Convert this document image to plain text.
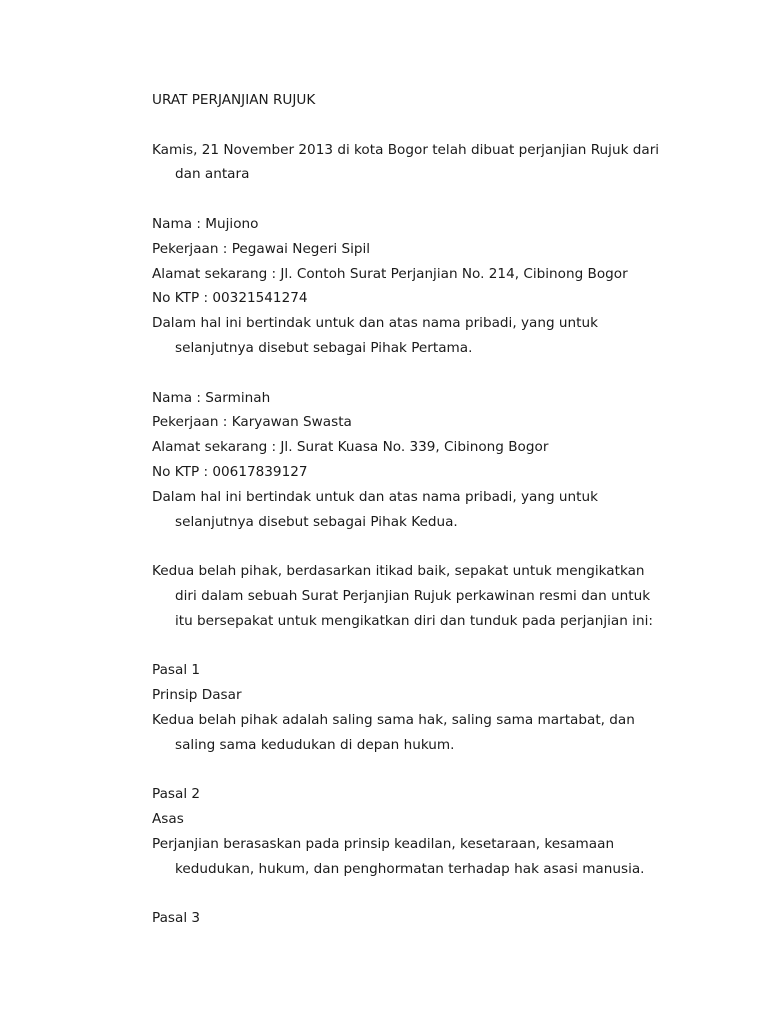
URAT PERJANJIAN RUJUK
Kamis, 21 November 2013 di kota Bogor telah dibuat perjanjian Rujuk dari
dan antara
Nama : Mujiono
Pekerjaan : Pegawai Negeri Sipil
Alamat sekarang : Jl. Contoh Surat Perjanjian No. 214, Cibinong Bogor
No KTP : 00321541274
Dalam hal ini bertindak untuk dan atas nama pribadi, yang untuk
selanjutnya disebut sebagai Pihak Pertama.
Nama : Sarminah
Pekerjaan : Karyawan Swasta
Alamat sekarang : Jl. Surat Kuasa No. 339, Cibinong Bogor
No KTP : 00617839127
Dalam hal ini bertindak untuk dan atas nama pribadi, yang untuk
selanjutnya disebut sebagai Pihak Kedua.
Kedua belah pihak, berdasarkan itikad baik, sepakat untuk mengikatkan
diri dalam sebuah Surat Perjanjian Rujuk perkawinan resmi dan untuk
itu bersepakat untuk mengikatkan diri dan tunduk pada perjanjian ini:
Pasal 1
Prinsip Dasar
Kedua belah pihak adalah saling sama hak, saling sama martabat, dan
saling sama kedudukan di depan hukum.
Pasal 2
Asas
Perjanjian berasaskan pada prinsip keadilan, kesetaraan, kesamaan
kedudukan, hukum, dan penghormatan terhadap hak asasi manusia.
Pasal 3
